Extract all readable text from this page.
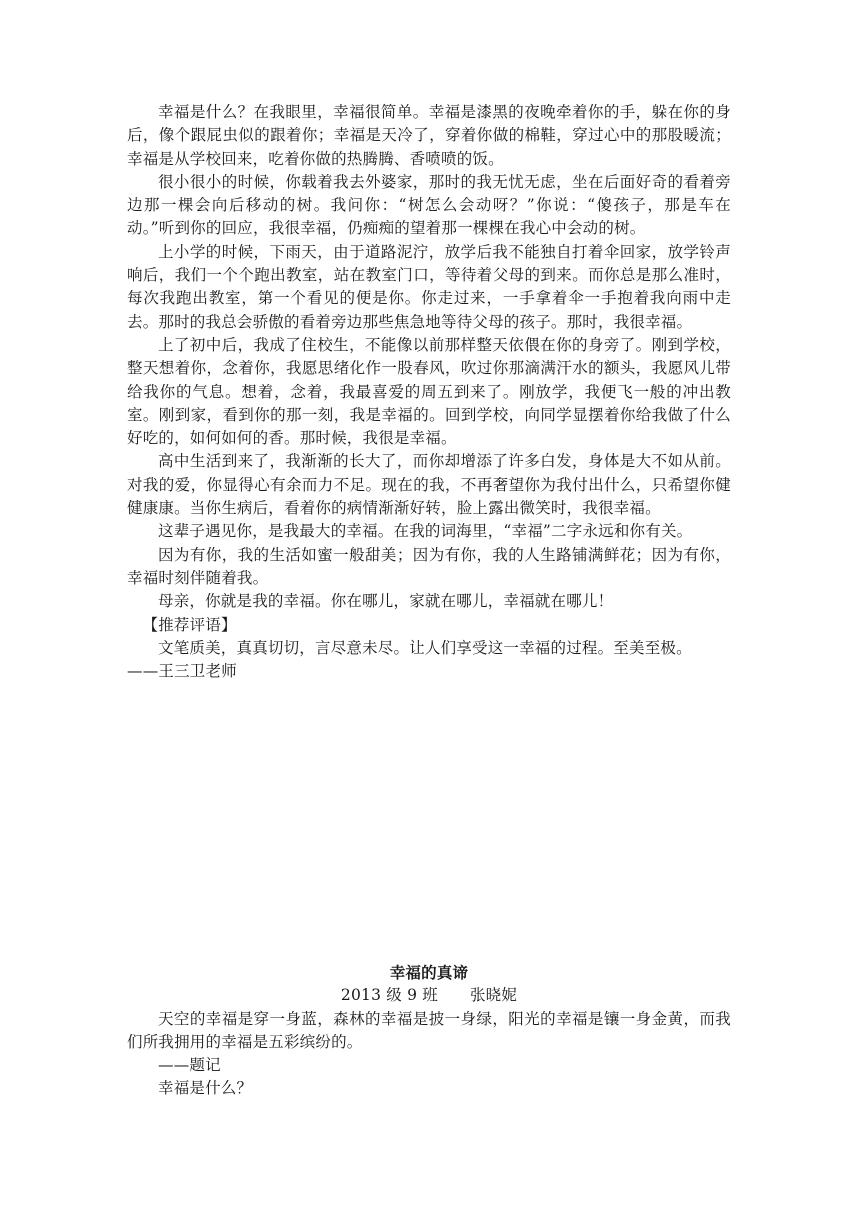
幸福是什么？在我眼里，幸福很简单。幸福是漆黑的夜晚牵着你的手，躲在你的身后，像个跟屁虫似的跟着你；幸福是天冷了，穿着你做的棉鞋，穿过心中的那股暖流；幸福是从学校回来，吃着你做的热腾腾、香喷喷的饭。

很小很小的时候，你载着我去外婆家，那时的我无忧无虑，坐在后面好奇的看着旁边那一棵会向后移动的树。我问你：“树怎么会动呀？”你说：“傻孩子，那是车在动。”听到你的回应，我很幸福，仍痴痴的望着那一棵棵在我心中会动的树。

上小学的时候，下雨天，由于道路泥泞，放学后我不能独自打着伞回家，放学铃声响后，我们一个个跑出教室，站在教室门口，等待着父母的到来。而你总是那么准时，每次我跑出教室，第一个看见的便是你。你走过来，一手拿着伞一手抱着我向雨中走去。那时的我总会骄傲的看着旁边那些焦急地等待父母的孩子。那时，我很幸福。

上了初中后，我成了住校生，不能像以前那样整天依偎在你的身旁了。刚到学校，整天想着你，念着你，我愿思绪化作一股春风，吹过你那滴满汗水的额头，我愿风儿带给我你的气息。想着，念着，我最喜爱的周五到来了。刚放学，我便飞一般的冲出教室。刚到家，看到你的那一刻，我是幸福的。回到学校，向同学显摆着你给我做了什么好吃的，如何如何的香。那时候，我很是幸福。

高中生活到来了，我渐渐的长大了，而你却增添了许多白发，身体是大不如从前。对我的爱，你显得心有余而力不足。现在的我，不再奢望你为我付出什么，只希望你健健康康。当你生病后，看着你的病情渐渐好转，脸上露出微笑时，我很幸福。

这辈子遇见你，是我最大的幸福。在我的词海里，“幸福”二字永远和你有关。

因为有你，我的生活如蜜一般甜美；因为有你，我的人生路铺满鲜花；因为有你，幸福时刻伴随着我。

母亲，你就是我的幸福。你在哪儿，家就在哪儿，幸福就在哪儿！

【推荐评语】

文笔质美，真真切切，言尽意未尽。让人们享受这一幸福的过程。至美至极。

——王三卫老师

幸福的真谛

2013 级 9 班 张晓妮

天空的幸福是穿一身蓝，森林的幸福是披一身绿，阳光的幸福是镶一身金黄，而我们所我拥用的幸福是五彩缤纷的。

——题记

幸福是什么？
